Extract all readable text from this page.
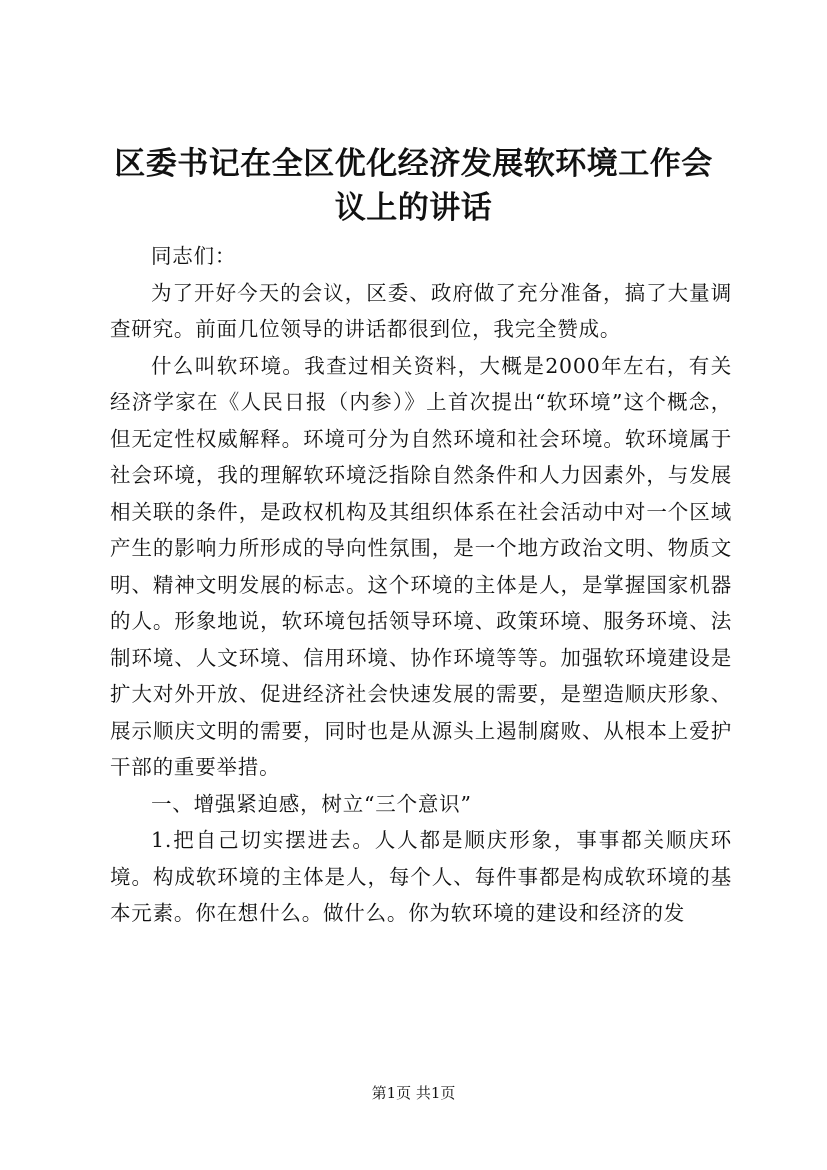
区委书记在全区优化经济发展软环境工作会议上的讲话

同志们：

为了开好今天的会议，区委、政府做了充分准备，搞了大量调查研究。前面几位领导的讲话都很到位，我完全赞成。

什么叫软环境。我查过相关资料，大概是2000年左右，有关经济学家在《人民日报（内参）》上首次提出“软环境”这个概念，但无定性权威解释。环境可分为自然环境和社会环境。软环境属于社会环境，我的理解软环境泛指除自然条件和人力因素外，与发展相关联的条件，是政权机构及其组织体系在社会活动中对一个区域产生的影响力所形成的导向性氛围，是一个地方政治文明、物质文明、精神文明发展的标志。这个环境的主体是人，是掌握国家机器的人。形象地说，软环境包括领导环境、政策环境、服务环境、法制环境、人文环境、信用环境、协作环境等等。加强软环境建设是扩大对外开放、促进经济社会快速发展的需要，是塑造顺庆形象、展示顺庆文明的需要，同时也是从源头上遏制腐败、从根本上爱护干部的重要举措。

一、增强紧迫感，树立“三个意识”

1.把自己切实摆进去。人人都是顺庆形象，事事都关顺庆环境。构成软环境的主体是人，每个人、每件事都是构成软环境的基本元素。你在想什么。做什么。你为软环境的建设和经济的发

第1页 共1页
